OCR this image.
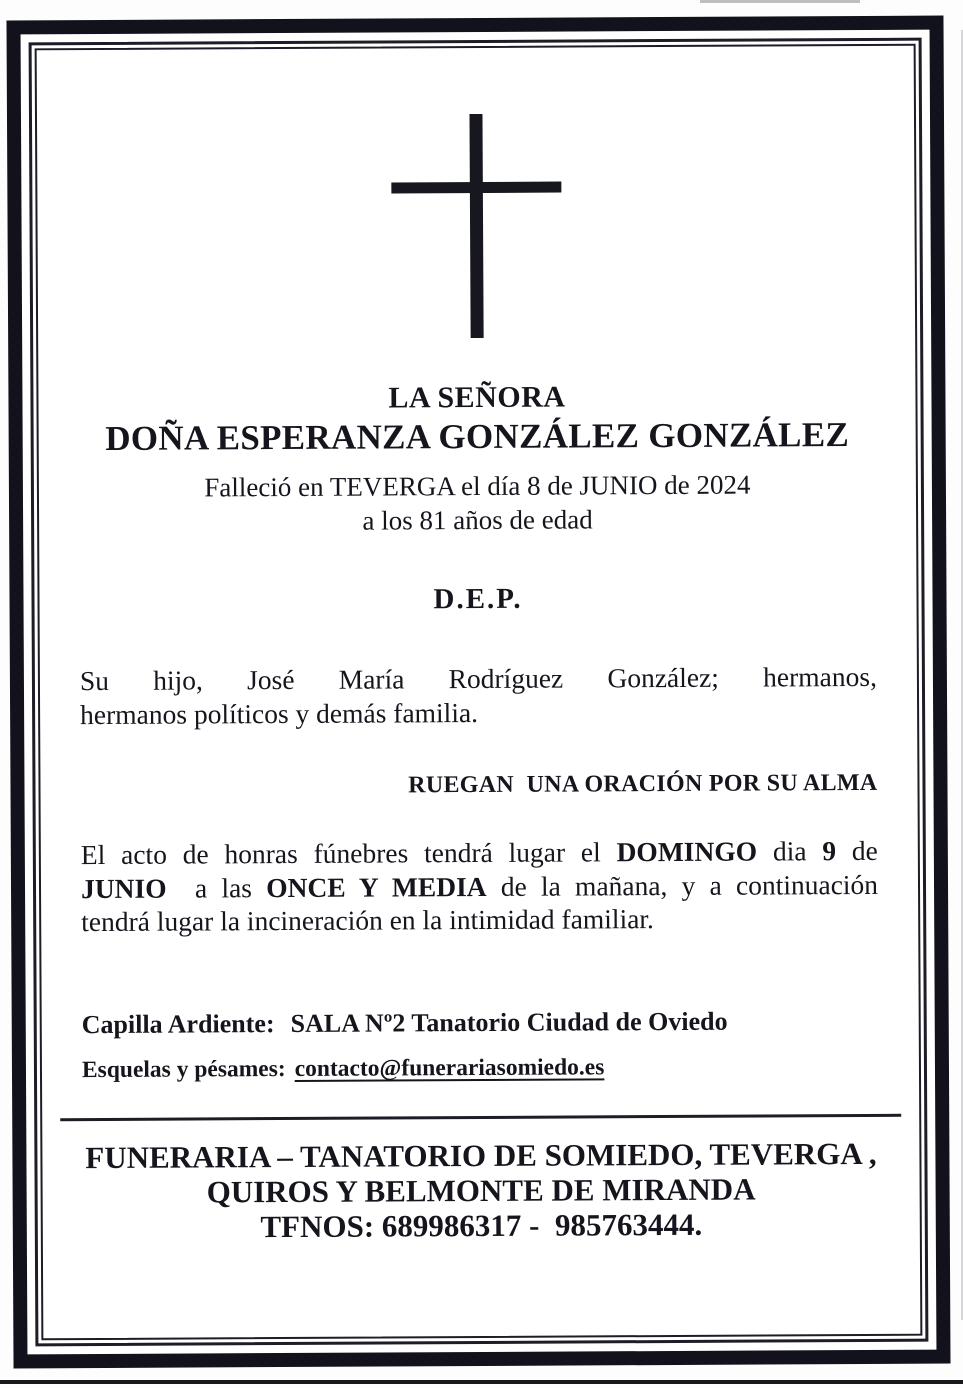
LA SEÑORA
DOÑA ESPERANZA GONZÁLEZ GONZÁLEZ
Falleció en TEVERGA el día 8 de JUNIO de 2024
a los 81 años de edad
D.E.P.

Su hijo, José María Rodríguez González; hermanos,
hermanos políticos y demás familia.

RUEGAN  UNA ORACIÓN POR SU ALMA

El acto de honras fúnebres tendrá lugar el DOMINGO dia 9 de
JUNIO  a las ONCE Y MEDIA de la mañana, y a continuación
tendrá lugar la incineración en la intimidad familiar.

Capilla Ardiente: SALA Nº2 Tanatorio Ciudad de Oviedo
Esquelas y pésames: contacto@funerariasomiedo.es
FUNERARIA – TANATORIO DE SOMIEDO, TEVERGA ,
QUIROS Y BELMONTE DE MIRANDA
TFNOS: 689986317 -  985763444.
